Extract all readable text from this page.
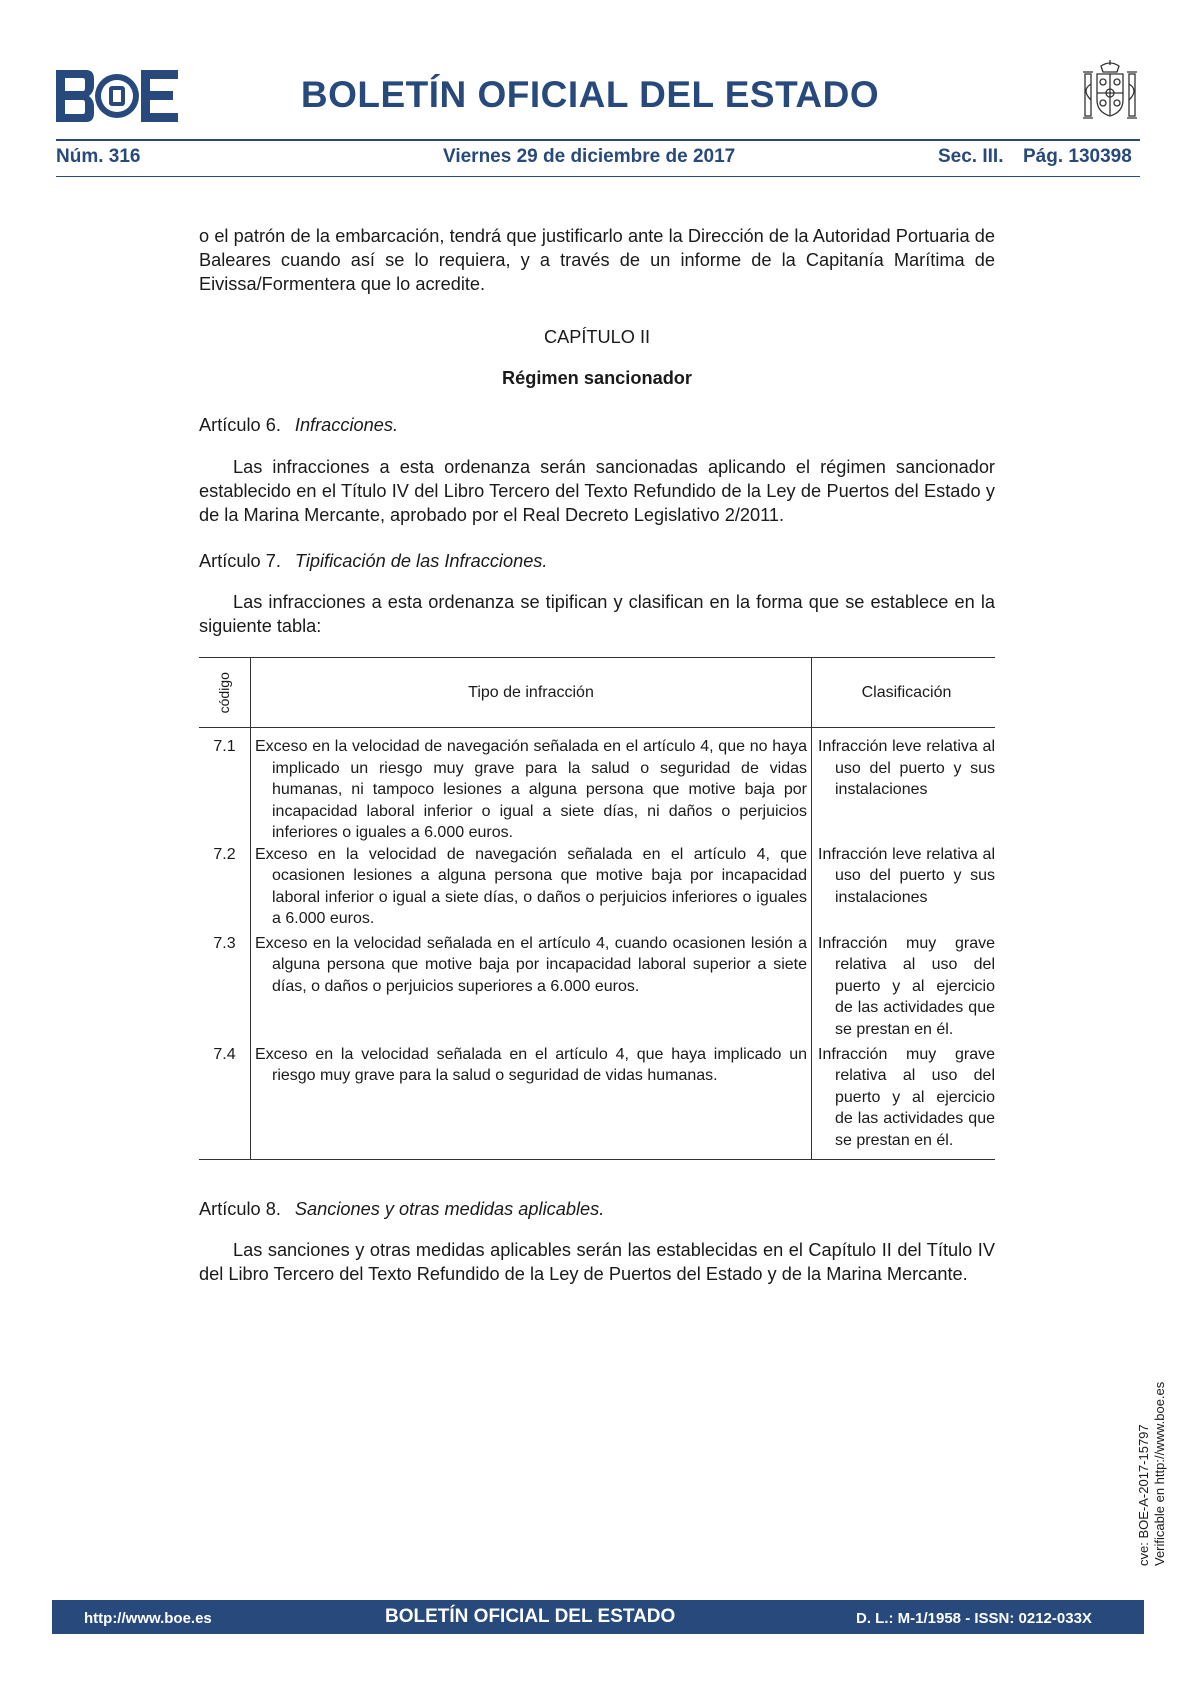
BOLETÍN OFICIAL DEL ESTADO
Núm. 316	Viernes 29 de diciembre de 2017	Sec. III. Pág. 130398

o el patrón de la embarcación, tendrá que justificarlo ante la Dirección de la Autoridad Portuaria de Baleares cuando así se lo requiera, y a través de un informe de la Capitanía Marítima de Eivissa/Formentera que lo acredite.

CAPÍTULO II
Régimen sancionador
Artículo 6. Infracciones.

Las infracciones a esta ordenanza serán sancionadas aplicando el régimen sancionador establecido en el Título IV del Libro Tercero del Texto Refundido de la Ley de Puertos del Estado y de la Marina Mercante, aprobado por el Real Decreto Legislativo 2/2011.

Artículo 7. Tipificación de las Infracciones.

Las infracciones a esta ordenanza se tipifican y clasifican en la forma que se establece en la siguiente tabla:

código	Tipo de infracción	Clasificación
7.1	Exceso en la velocidad de navegación señalada en el artículo 4, que no haya implicado un riesgo muy grave para la salud o seguridad de vidas humanas, ni tampoco lesiones a alguna persona que motive baja por incapacidad laboral inferior o igual a siete días, ni daños o perjuicios inferiores o iguales a 6.000 euros.	Infracción leve relativa al uso del puerto y sus instalaciones

7.2	Exceso en la velocidad de navegación señalada en el artículo 4, que ocasionen lesiones a alguna persona que motive baja por incapacidad laboral inferior o igual a siete días, o daños o perjuicios inferiores o iguales a 6.000 euros.	Infracción leve relativa al uso del puerto y sus instalaciones

7.3	Exceso en la velocidad señalada en el artículo 4, cuando ocasionen lesión a alguna persona que motive baja por incapacidad laboral superior a siete días, o daños o perjuicios superiores a 6.000 euros.	Infracción muy grave relativa al uso del puerto y al ejercicio de las actividades que se prestan en él.

7.4	Exceso en la velocidad señalada en el artículo 4, que haya implicado un riesgo muy grave para la salud o seguridad de vidas humanas.	Infracción muy grave relativa al uso del puerto y al ejercicio de las actividades que se prestan en él.
Artículo 8. Sanciones y otras medidas aplicables.

Las sanciones y otras medidas aplicables serán las establecidas en el Capítulo II del Título IV del Libro Tercero del Texto Refundido de la Ley de Puertos del Estado y de la Marina Mercante.

cve: BOE-A-2017-15797 Verificable en http://www.boe.es
http://www.boe.es	BOLETÍN OFICIAL DEL ESTADO	D. L.: M-1/1958 - ISSN: 0212-033X
